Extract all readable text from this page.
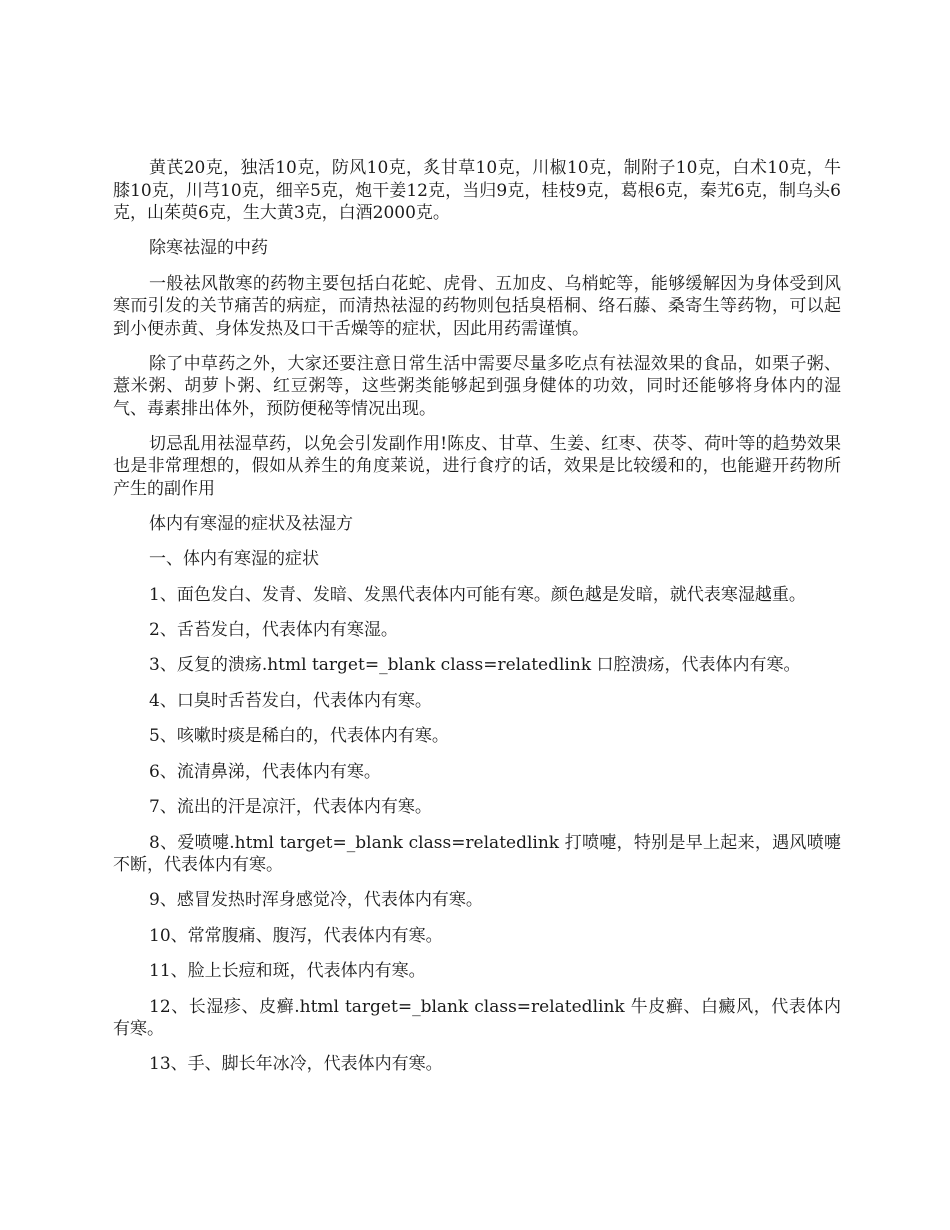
黄芪20克，独活10克，防风10克，炙甘草10克，川椒10克，制附子10克，白术10克，牛膝10克，川芎10克，细辛5克，炮干姜12克，当归9克，桂枝9克，葛根6克，秦艽6克，制乌头6克，山茱萸6克，生大黄3克，白酒2000克。

除寒祛湿的中药

一般祛风散寒的药物主要包括白花蛇、虎骨、五加皮、乌梢蛇等，能够缓解因为身体受到风寒而引发的关节痛苦的病症，而清热祛湿的药物则包括臭梧桐、络石藤、桑寄生等药物，可以起到小便赤黄、身体发热及口干舌燥等的症状，因此用药需谨慎。

除了中草药之外，大家还要注意日常生活中需要尽量多吃点有祛湿效果的食品，如栗子粥、薏米粥、胡萝卜粥、红豆粥等，这些粥类能够起到强身健体的功效，同时还能够将身体内的湿气、毒素排出体外，预防便秘等情况出现。

切忌乱用祛湿草药，以免会引发副作用!陈皮、甘草、生姜、红枣、茯苓、荷叶等的趋势效果也是非常理想的，假如从养生的角度莱说，进行食疗的话，效果是比较缓和的，也能避开药物所产生的副作用

体内有寒湿的症状及祛湿方

一、体内有寒湿的症状

1、面色发白、发青、发暗、发黑代表体内可能有寒。颜色越是发暗，就代表寒湿越重。

2、舌苔发白，代表体内有寒湿。

3、反复的溃疡.html target=_blank class=relatedlink 口腔溃疡，代表体内有寒。

4、口臭时舌苔发白，代表体内有寒。

5、咳嗽时痰是稀白的，代表体内有寒。

6、流清鼻涕，代表体内有寒。

7、流出的汗是凉汗，代表体内有寒。

8、爱喷嚏.html target=_blank class=relatedlink 打喷嚏，特别是早上起来，遇风喷嚏不断，代表体内有寒。

9、感冒发热时浑身感觉冷，代表体内有寒。

10、常常腹痛、腹泻，代表体内有寒。

11、脸上长痘和斑，代表体内有寒。

12、长湿疹、皮癣.html target=_blank class=relatedlink 牛皮癣、白癜风，代表体内有寒。

13、手、脚长年冰冷，代表体内有寒。
